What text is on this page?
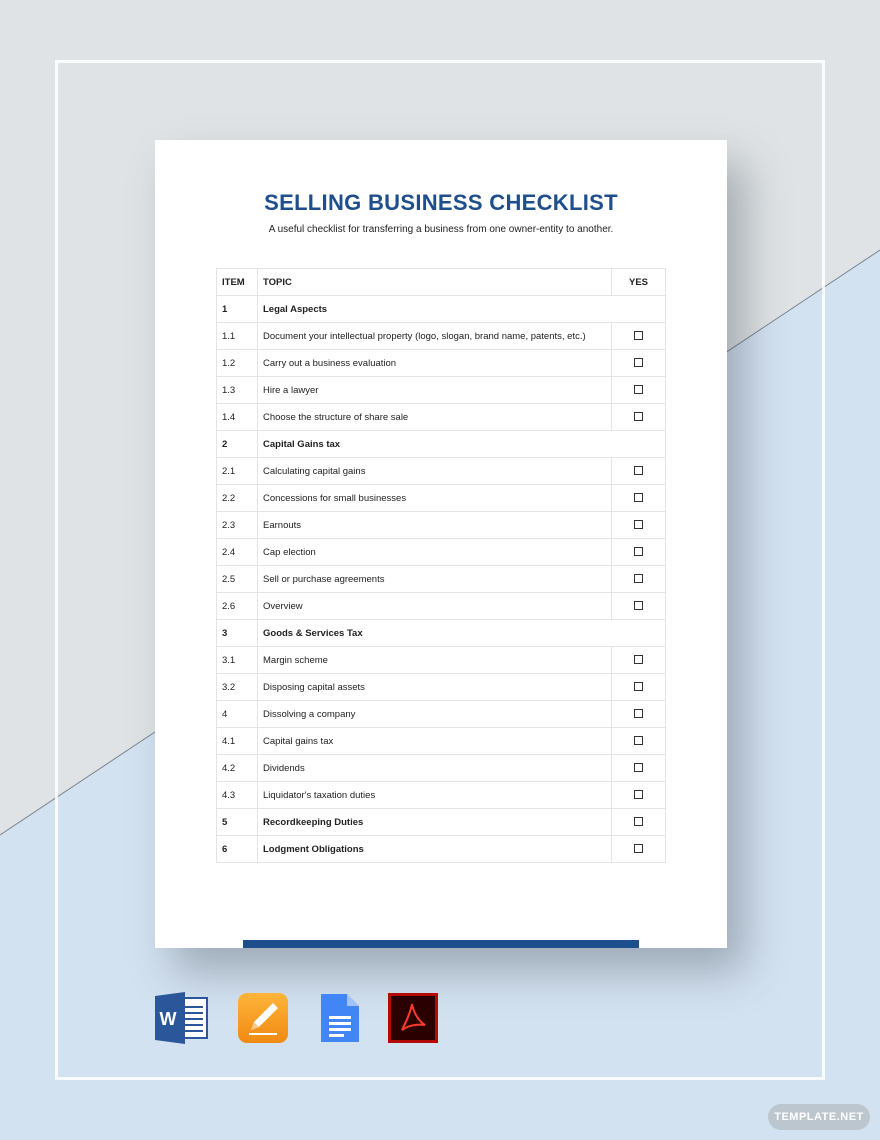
SELLING BUSINESS CHECKLIST
A useful checklist for transferring a business from one owner-entity to another.
ITEM	TOPIC	YES
1	Legal Aspects	
1.1	Document your intellectual property (logo, slogan, brand name, patents, etc.)	
1.2	Carry out a business evaluation	
1.3	Hire a lawyer	
1.4	Choose the structure of share sale	
2	Capital Gains tax	
2.1	Calculating capital gains	
2.2	Concessions for small businesses	
2.3	Earnouts	
2.4	Cap election	
2.5	Sell or purchase agreements	
2.6	Overview	
3	Goods & Services Tax	
3.1	Margin scheme	
3.2	Disposing capital assets	
4	Dissolving a company	
4.1	Capital gains tax	
4.2	Dividends	
4.3	Liquidator's taxation duties	
5	Recordkeeping Duties	
6	Lodgment Obligations	
W
TEMPLATE.NET
